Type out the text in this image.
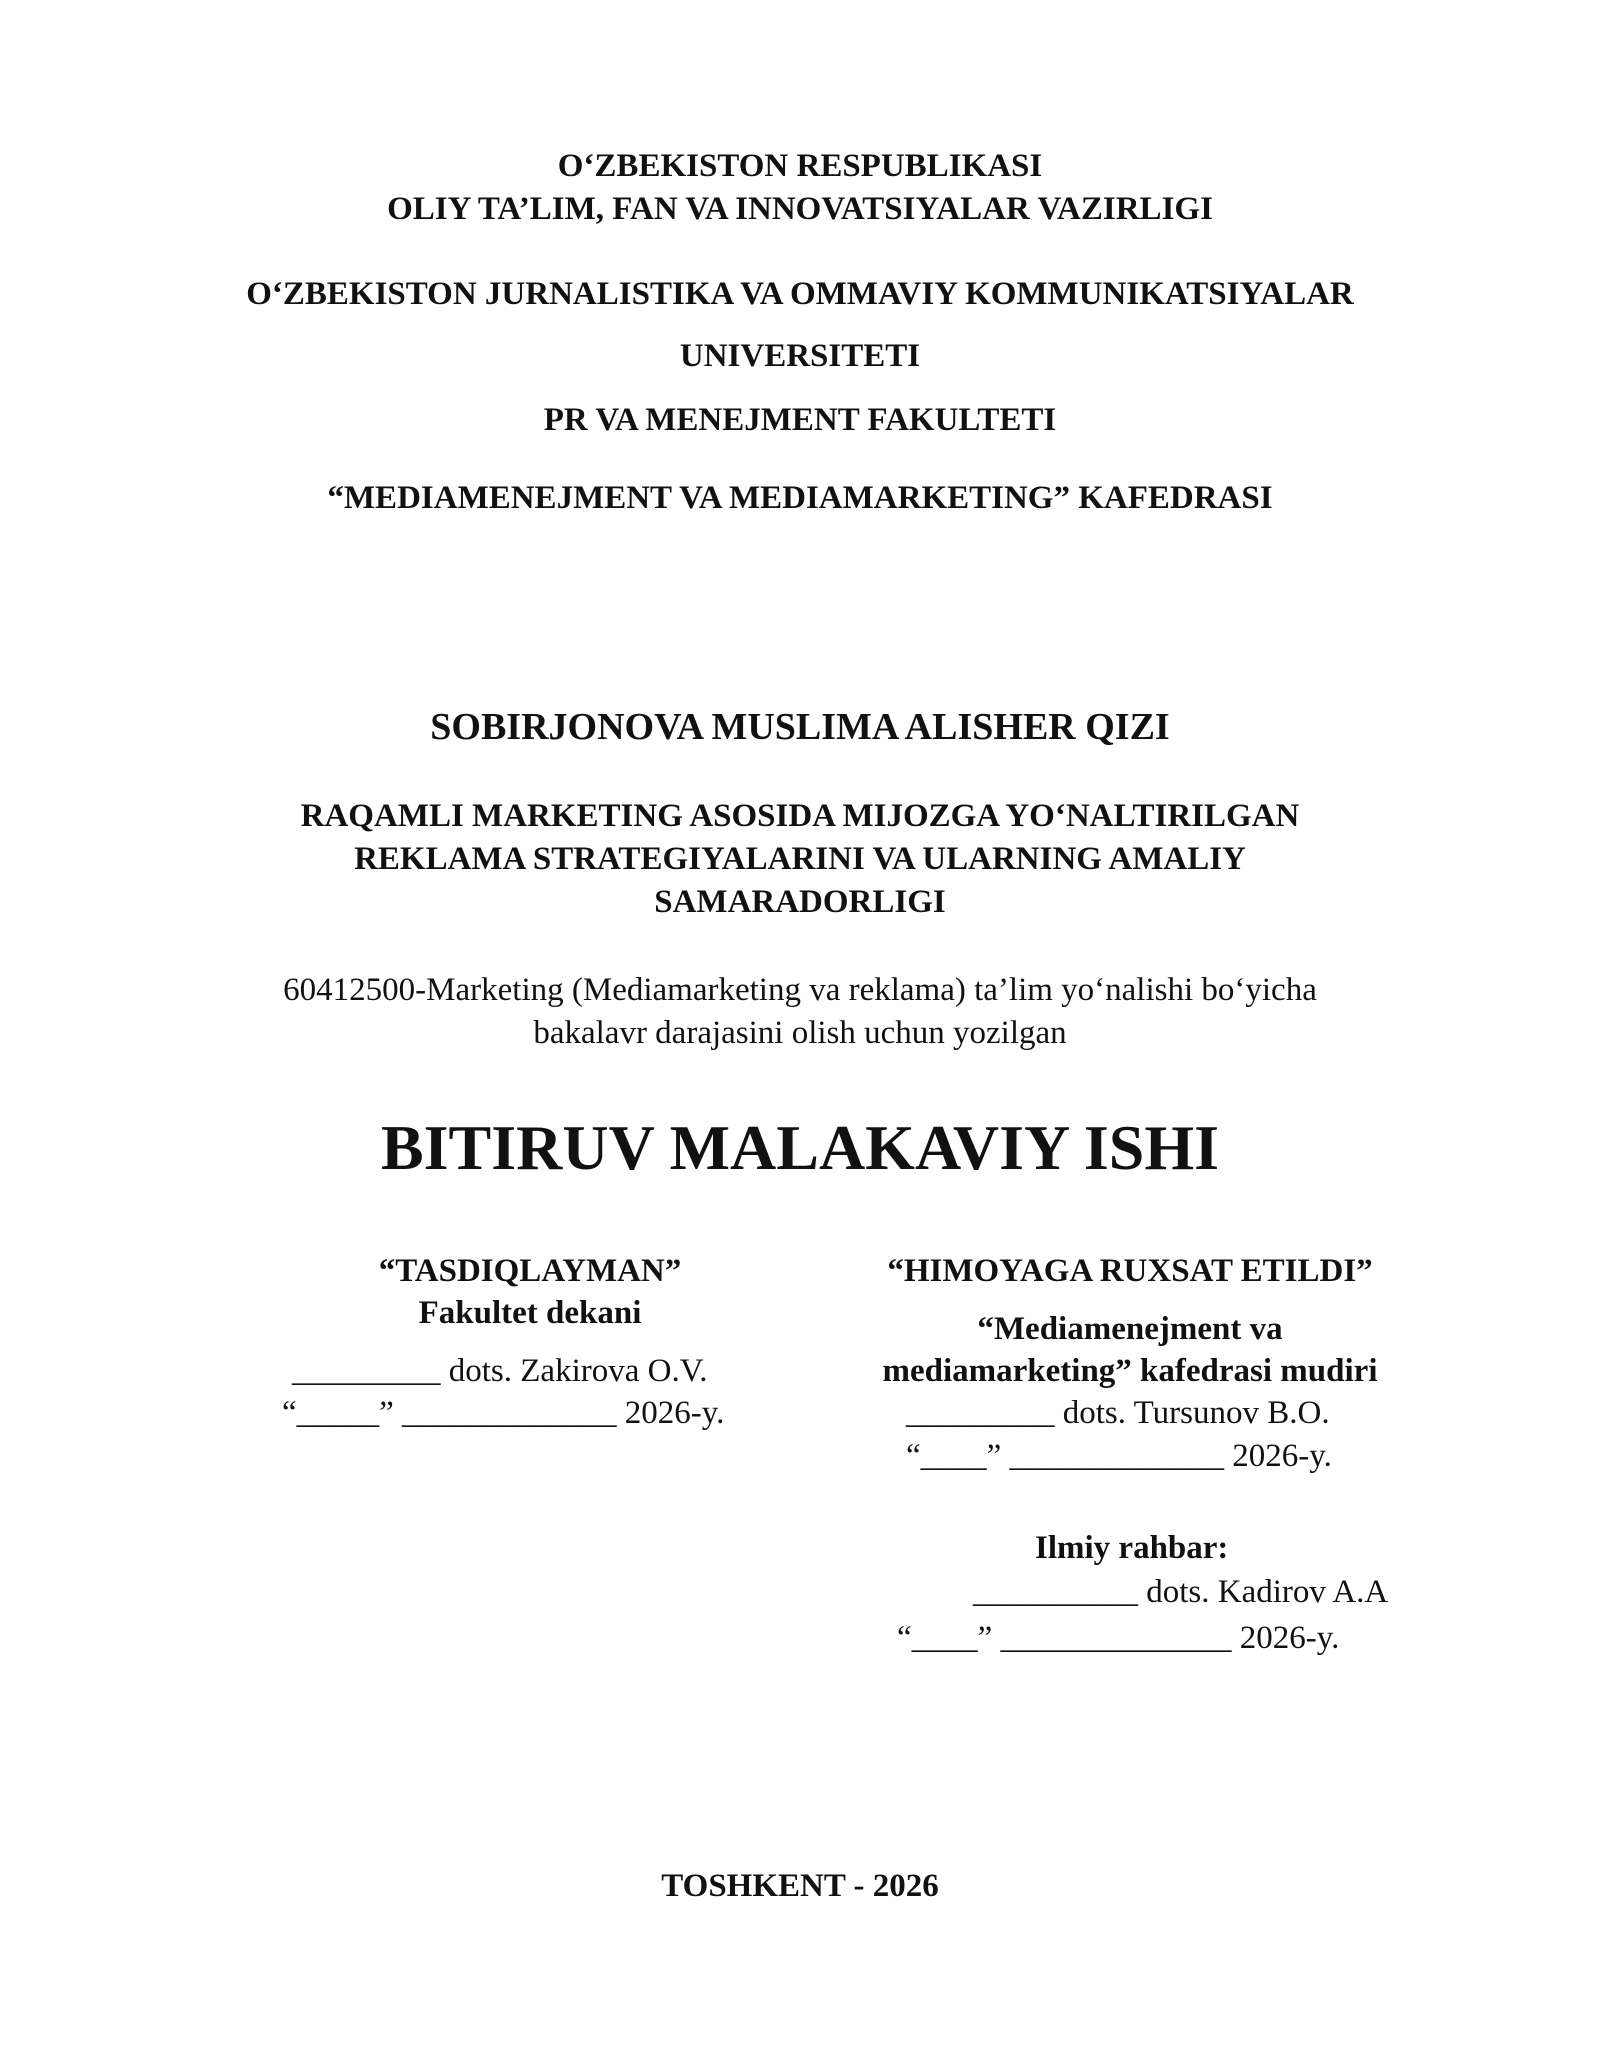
O‘ZBEKISTON RESPUBLIKASI
OLIY TA’LIM, FAN VA INNOVATSIYALAR VAZIRLIGI
O‘ZBEKISTON JURNALISTIKA VA OMMAVIY KOMMUNIKATSIYALAR
UNIVERSITETI
PR VA MENEJMENT FAKULTETI
“MEDIAMENEJMENT VA MEDIAMARKETING” KAFEDRASI
SOBIRJONOVA MUSLIMA ALISHER QIZI
RAQAMLI MARKETING ASOSIDA MIJOZGA YO‘NALTIRILGAN
REKLAMA STRATEGIYALARINI VA ULARNING AMALIY
SAMARADORLIGI
60412500-Marketing (Mediamarketing va reklama) ta’lim yo‘nalishi bo‘yicha
bakalavr darajasini olish uchun yozilgan
BITIRUV MALAKAVIY ISHI
“TASDIQLAYMAN”
Fakultet dekani
_________ dots. Zakirova O.V.
“_____” _____________ 2026-y.
“HIMOYAGA RUXSAT ETILDI”
“Mediamenejment va
mediamarketing” kafedrasi mudiri
_________ dots. Tursunov B.O.
“____” _____________ 2026-y.
Ilmiy rahbar:
__________ dots. Kadirov A.A
“____” ______________ 2026-y.
TOSHKENT - 2026
